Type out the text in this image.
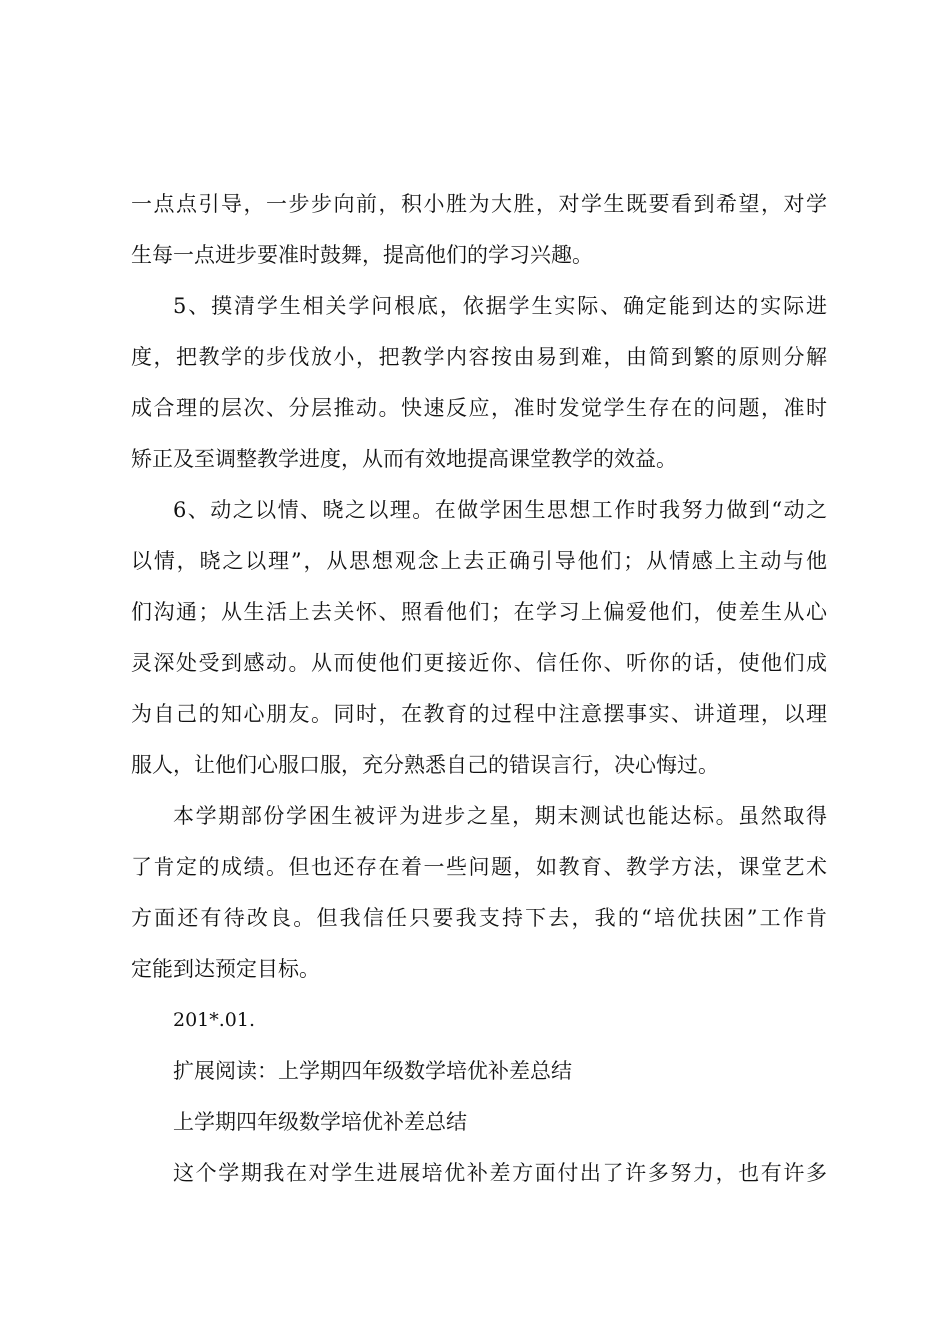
一点点引导，一步步向前，积小胜为大胜，对学生既要看到希望，对学
生每一点进步要准时鼓舞，提高他们的学习兴趣。
5、摸清学生相关学问根底，依据学生实际、确定能到达的实际进
度，把教学的步伐放小，把教学内容按由易到难，由简到繁的原则分解
成合理的层次、分层推动。快速反应，准时发觉学生存在的问题，准时
矫正及至调整教学进度，从而有效地提高课堂教学的效益。
6、动之以情、晓之以理。在做学困生思想工作时我努力做到“动之
以情，晓之以理”，从思想观念上去正确引导他们；从情感上主动与他
们沟通；从生活上去关怀、照看他们；在学习上偏爱他们，使差生从心
灵深处受到感动。从而使他们更接近你、信任你、听你的话，使他们成
为自己的知心朋友。同时，在教育的过程中注意摆事实、讲道理，以理
服人，让他们心服口服，充分熟悉自己的错误言行，决心悔过。
本学期部份学困生被评为进步之星，期末测试也能达标。虽然取得
了肯定的成绩。但也还存在着一些问题，如教育、教学方法，课堂艺术
方面还有待改良。但我信任只要我支持下去，我的“培优扶困”工作肯
定能到达预定目标。
201*.01.
扩展阅读：上学期四年级数学培优补差总结
上学期四年级数学培优补差总结
这个学期我在对学生进展培优补差方面付出了许多努力，也有许多
